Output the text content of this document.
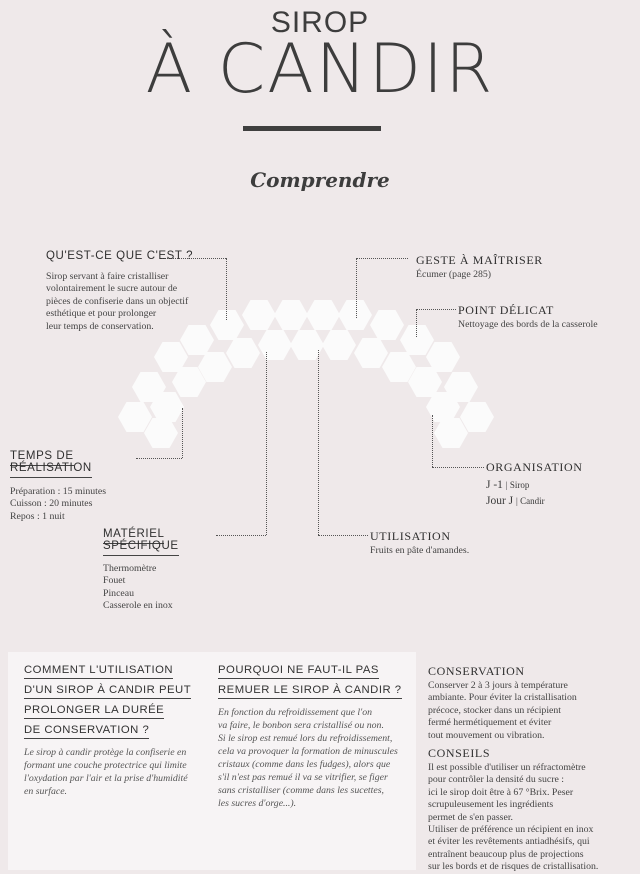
SIROP
À CANDIR
Comprendre
QU'EST-CE QUE C'EST ?
Sirop servant à faire cristalliser
volontairement le sucre autour de
pièces de confiserie dans un objectif
esthétique et pour prolonger
leur temps de conservation.
GESTE À MAÎTRISER
Écumer (page 285)
POINT DÉLICAT
Nettoyage des bords de la casserole
TEMPS DE RÉALISATION
Préparation : 15 minutes
Cuisson : 20 minutes
Repos : 1 nuit
ORGANISATION
J -1 | Sirop
Jour J | Candir
MATÉRIEL SPÉCIFIQUE
Thermomètre
Fouet
Pinceau
Casserole en inox
UTILISATION
Fruits en pâte d'amandes.
COMMENT L'UTILISATION
D'UN SIROP À CANDIR PEUT
PROLONGER LA DURÉE
DE CONSERVATION ?
Le sirop à candir protège la confiserie en
formant une couche protectrice qui limite
l'oxydation par l'air et la prise d'humidité
en surface.
POURQUOI NE FAUT-IL PAS
REMUER LE SIROP À CANDIR ?
En fonction du refroidissement que l'on
va faire, le bonbon sera cristallisé ou non.
Si le sirop est remué lors du refroidissement,
cela va provoquer la formation de minuscules
cristaux (comme dans les fudges), alors que
s'il n'est pas remué il va se vitrifier, se figer
sans cristalliser (comme dans les sucettes,
les sucres d'orge...).
CONSERVATION
Conserver 2 à 3 jours à température
ambiante. Pour éviter la cristallisation
précoce, stocker dans un récipient
fermé hermétiquement et éviter
tout mouvement ou vibration.
CONSEILS
Il est possible d'utiliser un réfractomètre
pour contrôler la densité du sucre :
ici le sirop doit être à 67 °Brix. Peser
scrupuleusement les ingrédients
permet de s'en passer.
Utiliser de préférence un récipient en inox
et éviter les revêtements antiadhésifs, qui
entraînent beaucoup plus de projections
sur les bords et de risques de cristallisation.
